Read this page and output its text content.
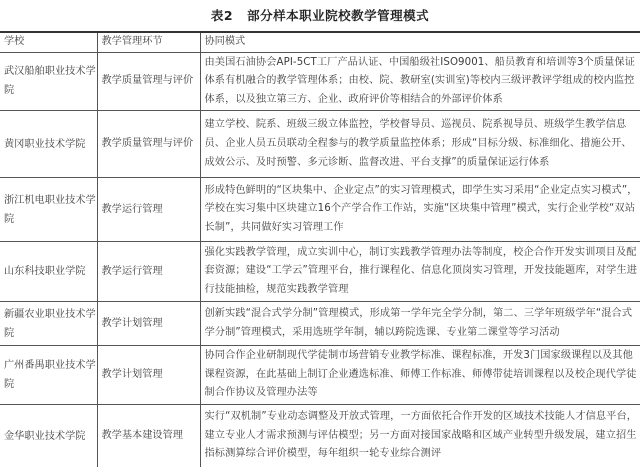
表2 部分样本职业院校教学管理模式
学校	教学管理环节	协同模式
武汉船舶职业技术学院	教学质量管理与评价	由美国石油协会API-5CT工厂产品认证、中国船级社ISO9001、船员教育和培训等3个质量保证体系有机融合的教学管理体系；由校、院、教研室(实训室)等校内三级评教评学组成的校内监控体系，以及独立第三方、企业、政府评价等相结合的外部评价体系
黄冈职业技术学院	教学质量管理与评价	建立学校、院系、班级三级立体监控，学校督导员、巡视员、院系视导员、班级学生教学信息员、企业人员五员联动全程参与的教学质量监控体系；形成“目标分级、标准细化、措施公开、成效公示、及时预警、多元诊断、监督改进、平台支撑”的质量保证运行体系
浙江机电职业技术学院	教学运行管理	形成特色鲜明的“区块集中、企业定点”的实习管理模式，即学生实习采用“企业定点实习模式”，学校在实习集中区块建立16个产学合作工作站，实施“区块集中管理”模式，实行企业学校“双站长制”，共同做好实习管理工作
山东科技职业学院	教学运行管理	强化实践教学管理，成立实训中心，制订实践教学管理办法等制度，校企合作开发实训项目及配套资源；建设“工学云”管理平台，推行课程化、信息化顶岗实习管理，开发技能题库，对学生进行技能抽检，规范实践教学管理
新疆农业职业技术学院	教学计划管理	创新实践“混合式学分制”管理模式，形成第一学年完全学分制，第二、三学年班级学年“混合式学分制”管理模式，采用选班学年制，辅以跨院选课、专业第二课堂等学习活动
广州番禺职业技术学院	教学计划管理	协同合作企业研制现代学徒制市场营销专业教学标准、课程标准，开发3门国家级课程以及其他课程资源，在此基础上制订企业遴选标准、师傅工作标准、师傅带徒培训课程以及校企现代学徒制合作协议及管理办法等
金华职业技术学院	教学基本建设管理	实行“双机制”专业动态调整及开放式管理，一方面依托合作开发的区域技术技能人才信息平台，建立专业人才需求预测与评估模型；另一方面对接国家战略和区域产业转型升级发展，建立招生指标测算综合评价模型，每年组织一轮专业综合测评
